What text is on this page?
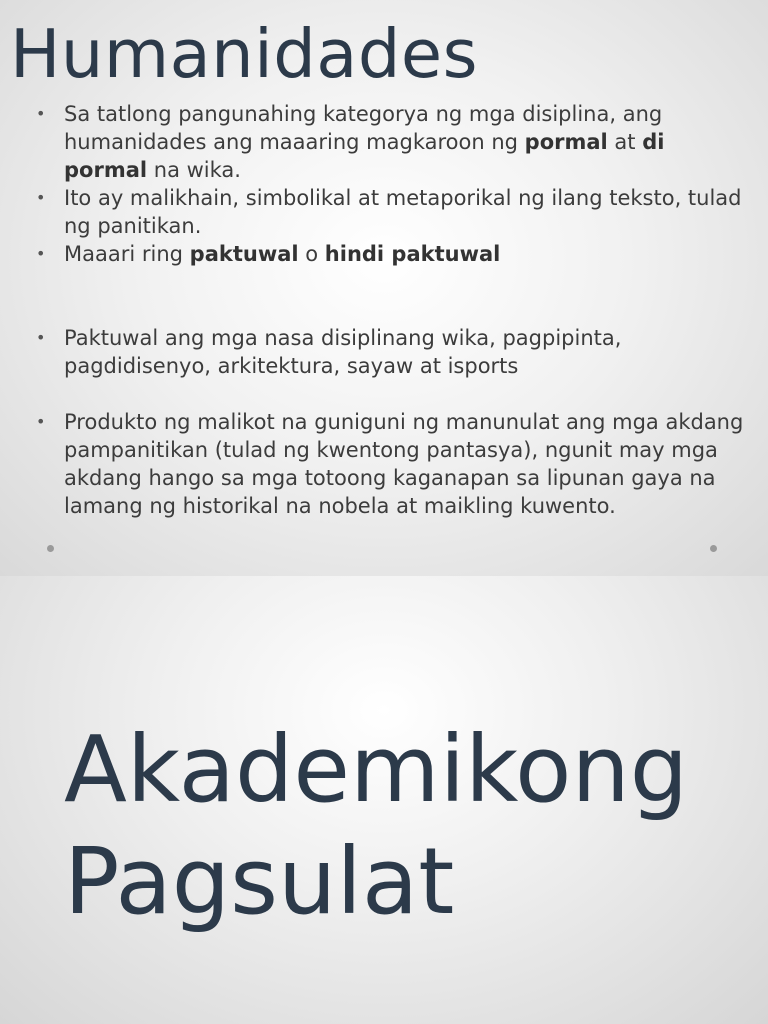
Humanidades
• Sa tatlong pangunahing kategorya ng mga disiplina, ang humanidades ang maaaring magkaroon ng pormal at di pormal na wika.
• Ito ay malikhain, simbolikal at metaporikal ng ilang teksto, tulad ng panitikan.
• Maaari ring paktuwal o hindi paktuwal
• Paktuwal ang mga nasa disiplinang wika, pagpipinta, pagdidisenyo, arkitektura, sayaw at isports
• Produkto ng malikot na guniguni ng manunulat ang mga akdang pampanitikan (tulad ng kwentong pantasya), ngunit may mga akdang hango sa mga totoong kaganapan sa lipunan gaya na lamang ng historikal na nobela at maikling kuwento.
Akademikong
Pagsulat
